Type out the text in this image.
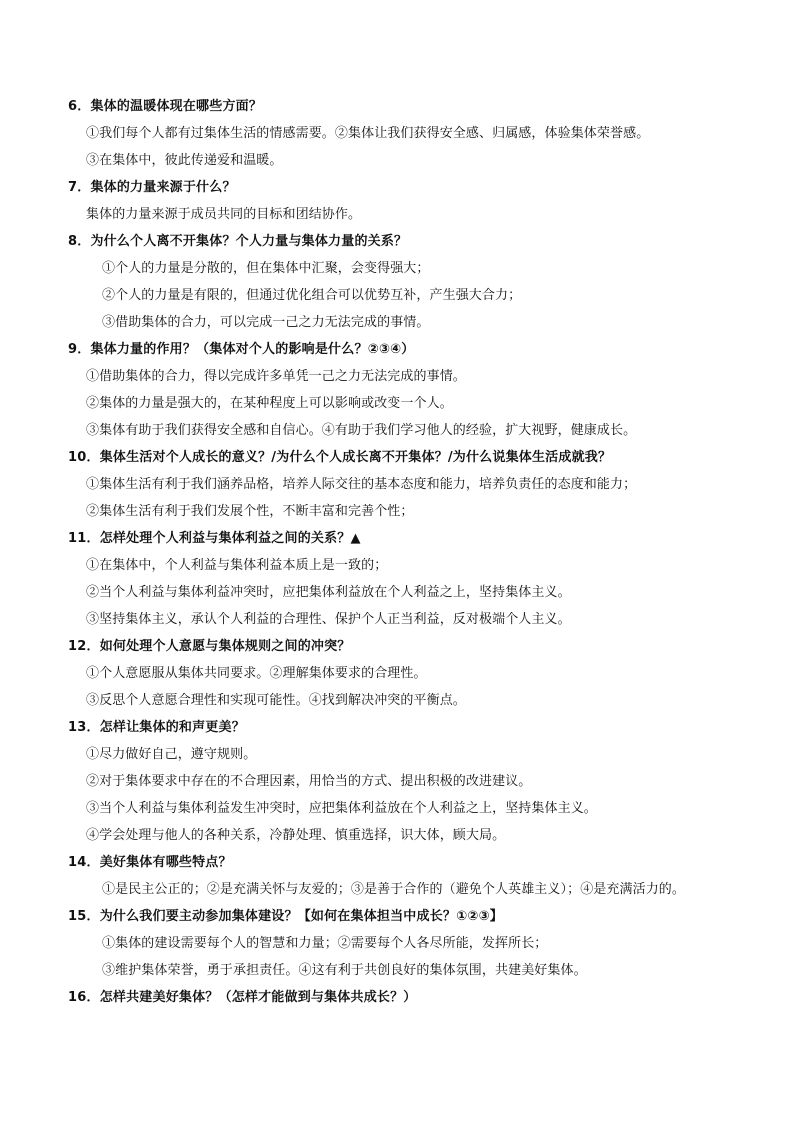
6．集体的温暖体现在哪些方面？
①我们每个人都有过集体生活的情感需要。②集体让我们获得安全感、归属感，体验集体荣誉感。
③在集体中，彼此传递爱和温暖。
7．集体的力量来源于什么？
集体的力量来源于成员共同的目标和团结协作。
8．为什么个人离不开集体？个人力量与集体力量的关系？
①个人的力量是分散的，但在集体中汇聚，会变得强大；
②个人的力量是有限的，但通过优化组合可以优势互补，产生强大合力；
③借助集体的合力，可以完成一己之力无法完成的事情。
9．集体力量的作用？（集体对个人的影响是什么？②③④）
①借助集体的合力，得以完成许多单凭一己之力无法完成的事情。
②集体的力量是强大的，在某种程度上可以影响或改变一个人。
③集体有助于我们获得安全感和自信心。④有助于我们学习他人的经验，扩大视野，健康成长。
10．集体生活对个人成长的意义？/为什么个人成长离不开集体？/为什么说集体生活成就我？
①集体生活有利于我们涵养品格，培养人际交往的基本态度和能力，培养负责任的态度和能力；
②集体生活有利于我们发展个性，不断丰富和完善个性；
11．怎样处理个人利益与集体利益之间的关系？▲
①在集体中，个人利益与集体利益本质上是一致的；
②当个人利益与集体利益冲突时，应把集体利益放在个人利益之上，坚持集体主义。
③坚持集体主义，承认个人利益的合理性、保护个人正当利益，反对极端个人主义。
12．如何处理个人意愿与集体规则之间的冲突？
①个人意愿服从集体共同要求。②理解集体要求的合理性。
③反思个人意愿合理性和实现可能性。④找到解决冲突的平衡点。
13．怎样让集体的和声更美？
①尽力做好自己，遵守规则。
②对于集体要求中存在的不合理因素，用恰当的方式、提出积极的改进建议。
③当个人利益与集体利益发生冲突时，应把集体利益放在个人利益之上，坚持集体主义。
④学会处理与他人的各种关系，冷静处理、慎重选择，识大体，顾大局。
14．美好集体有哪些特点？
①是民主公正的；②是充满关怀与友爱的；③是善于合作的（避免个人英雄主义）；④是充满活力的。
15．为什么我们要主动参加集体建设？【如何在集体担当中成长？①②③】
①集体的建设需要每个人的智慧和力量；②需要每个人各尽所能，发挥所长；
③维护集体荣誉，勇于承担责任。④这有利于共创良好的集体氛围，共建美好集体。
16．怎样共建美好集体？（怎样才能做到与集体共成长？）
